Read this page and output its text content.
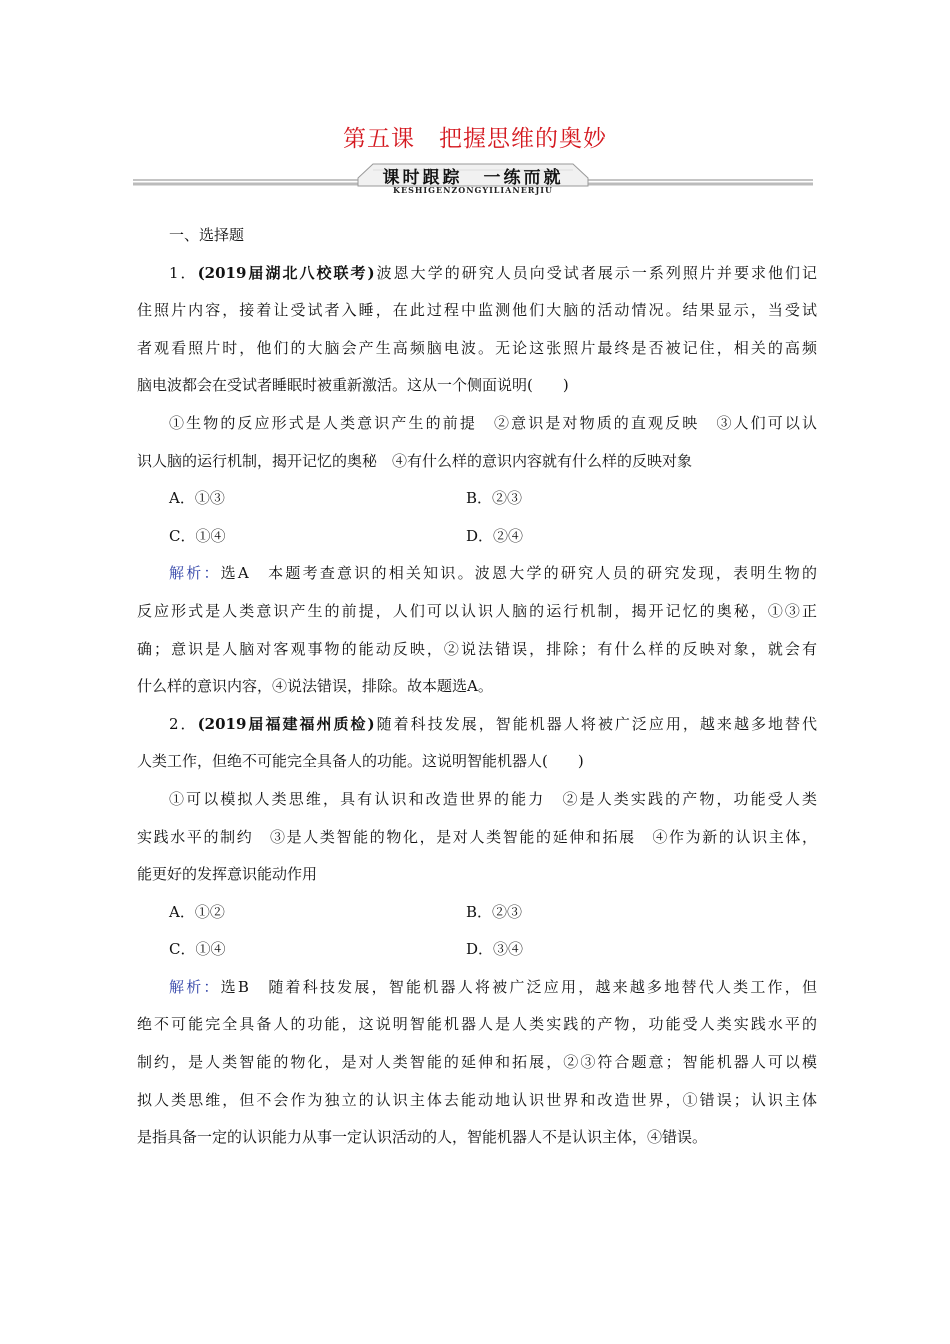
第五课　把握思维的奥妙
课时跟踪 一练而就
KESHIGENZONGYILIANERJIU
一、选择题
1．(2019届湖北八校联考)波恩大学的研究人员向受试者展示一系列照片并要求他们记
住照片内容，接着让受试者入睡，在此过程中监测他们大脑的活动情况。结果显示，当受试
者观看照片时，他们的大脑会产生高频脑电波。无论这张照片最终是否被记住，相关的高频
脑电波都会在受试者睡眠时被重新激活。这从一个侧面说明(　　)
①生物的反应形式是人类意识产生的前提　②意识是对物质的直观反映　③人们可以认
识人脑的运行机制，揭开记忆的奥秘　④有什么样的意识内容就有什么样的反映对象
A．①③	B．②③
C．①④	D．②④
解析：选A　本题考查意识的相关知识。波恩大学的研究人员的研究发现，表明生物的
反应形式是人类意识产生的前提，人们可以认识人脑的运行机制，揭开记忆的奥秘，①③正
确；意识是人脑对客观事物的能动反映，②说法错误，排除；有什么样的反映对象，就会有
什么样的意识内容，④说法错误，排除。故本题选A。
2．(2019届福建福州质检)随着科技发展，智能机器人将被广泛应用，越来越多地替代
人类工作，但绝不可能完全具备人的功能。这说明智能机器人(　　)
①可以模拟人类思维，具有认识和改造世界的能力　②是人类实践的产物，功能受人类
实践水平的制约　③是人类智能的物化，是对人类智能的延伸和拓展　④作为新的认识主体，
能更好的发挥意识能动作用
A．①②	B．②③
C．①④	D．③④
解析：选B　随着科技发展，智能机器人将被广泛应用，越来越多地替代人类工作，但
绝不可能完全具备人的功能，这说明智能机器人是人类实践的产物，功能受人类实践水平的
制约，是人类智能的物化，是对人类智能的延伸和拓展，②③符合题意；智能机器人可以模
拟人类思维，但不会作为独立的认识主体去能动地认识世界和改造世界，①错误；认识主体
是指具备一定的认识能力从事一定认识活动的人，智能机器人不是认识主体，④错误。
